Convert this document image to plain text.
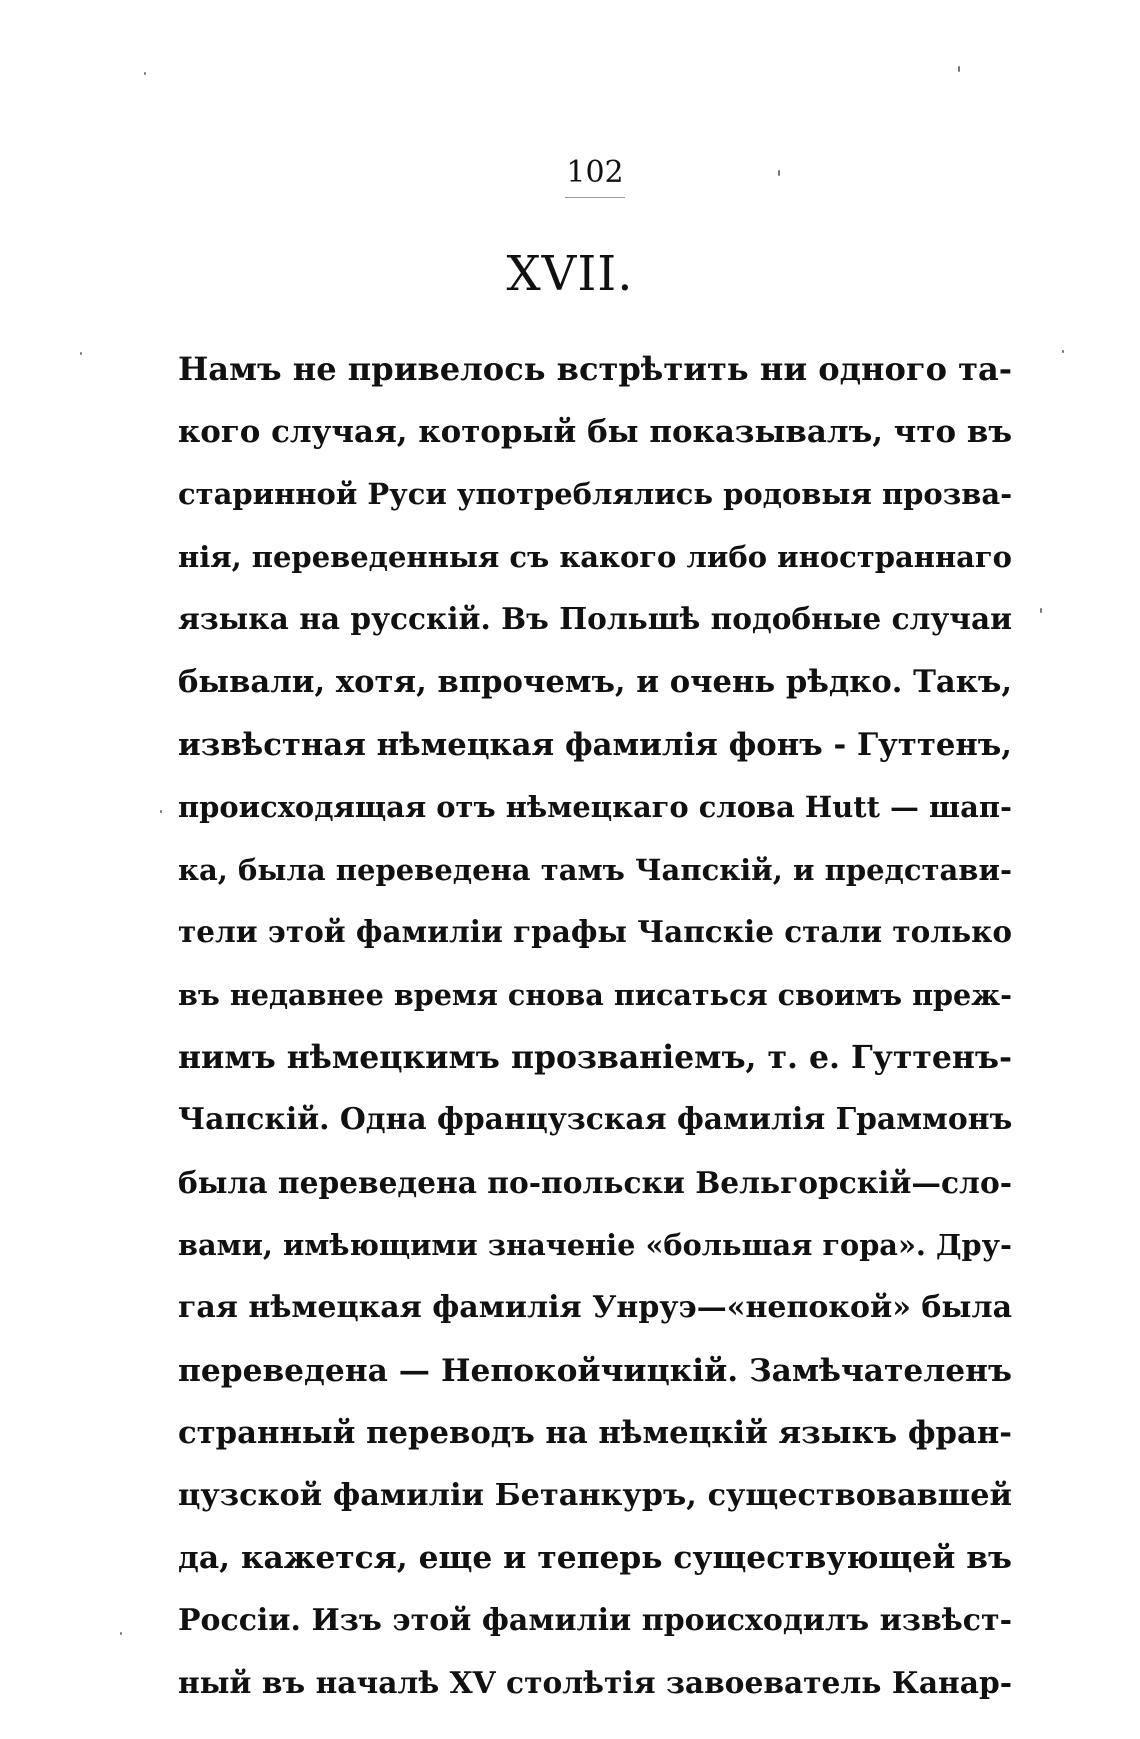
102
XVII.
Намъ не привелось встрѣтить ни одного та-
кого случая, который бы показывалъ, что въ
старинной Руси употреблялись родовыя прозва-
нія, переведенныя съ какого либо иностраннаго
языка на русскій. Въ Польшѣ подобные случаи
бывали, хотя, впрочемъ, и очень рѣдко. Такъ,
извѣстная нѣмецкая фамилія фонъ - Гуттенъ,
происходящая отъ нѣмецкаго слова Hutt — шап-
ка, была переведена тамъ Чапскій, и представи-
тели этой фамиліи графы Чапскіе стали только
въ недавнее время снова писаться своимъ преж-
нимъ нѣмецкимъ прозваніемъ, т. е. Гуттенъ-
Чапскій. Одна французская фамилія Граммонъ
была переведена по-польски Вельгорскій—сло-
вами, имѣющими значеніе «большая гора». Дру-
гая нѣмецкая фамилія Унруэ—«непокой» была
переведена — Непокойчицкій. Замѣчателенъ
странный переводъ на нѣмецкій языкъ фран-
цузской фамиліи Бетанкуръ, существовавшей
да, кажется, еще и теперь существующей въ
Россіи. Изъ этой фамиліи происходилъ извѣст-
ный въ началѣ XV столѣтія завоеватель Канар-
